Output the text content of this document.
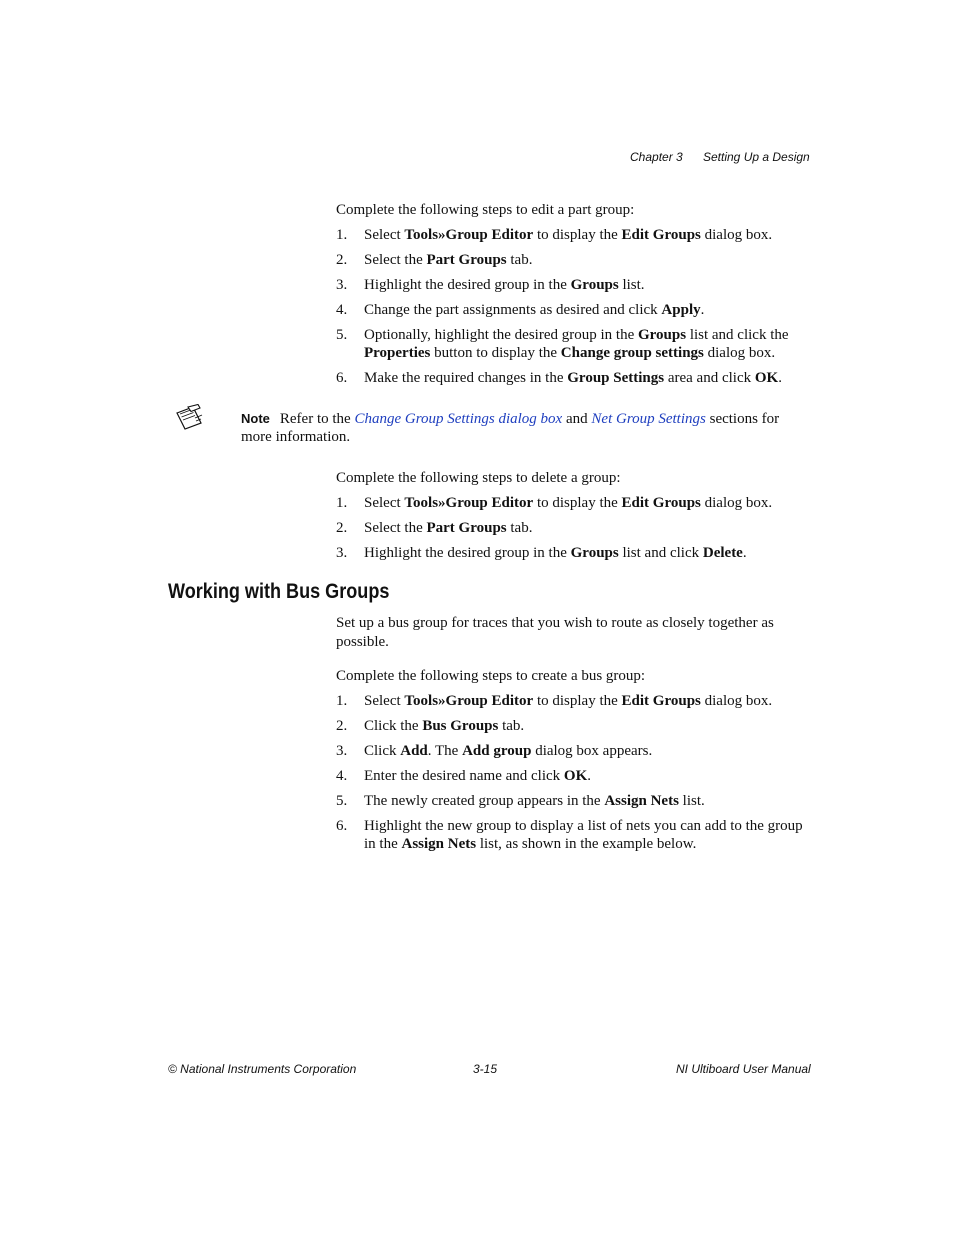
Chapter 3 Setting Up a Design

Complete the following steps to edit a part group:

1. Select Tools»Group Editor to display the Edit Groups dialog box.
2. Select the Part Groups tab.
3. Highlight the desired group in the Groups list.
4. Change the part assignments as desired and click Apply.
5. Optionally, highlight the desired group in the Groups list and click the Properties button to display the Change group settings dialog box.
6. Make the required changes in the Group Settings area and click OK.

Note Refer to the Change Group Settings dialog box and Net Group Settings sections for more information.

Complete the following steps to delete a group:

1. Select Tools»Group Editor to display the Edit Groups dialog box.
2. Select the Part Groups tab.
3. Highlight the desired group in the Groups list and click Delete.
Working with Bus Groups

Set up a bus group for traces that you wish to route as closely together as possible.

Complete the following steps to create a bus group:

1. Select Tools»Group Editor to display the Edit Groups dialog box.
2. Click the Bus Groups tab.
3. Click Add. The Add group dialog box appears.
4. Enter the desired name and click OK.
5. The newly created group appears in the Assign Nets list.
6. Highlight the new group to display a list of nets you can add to the group in the Assign Nets list, as shown in the example below.
© National Instruments Corporation	3-15	NI Ultiboard User Manual
